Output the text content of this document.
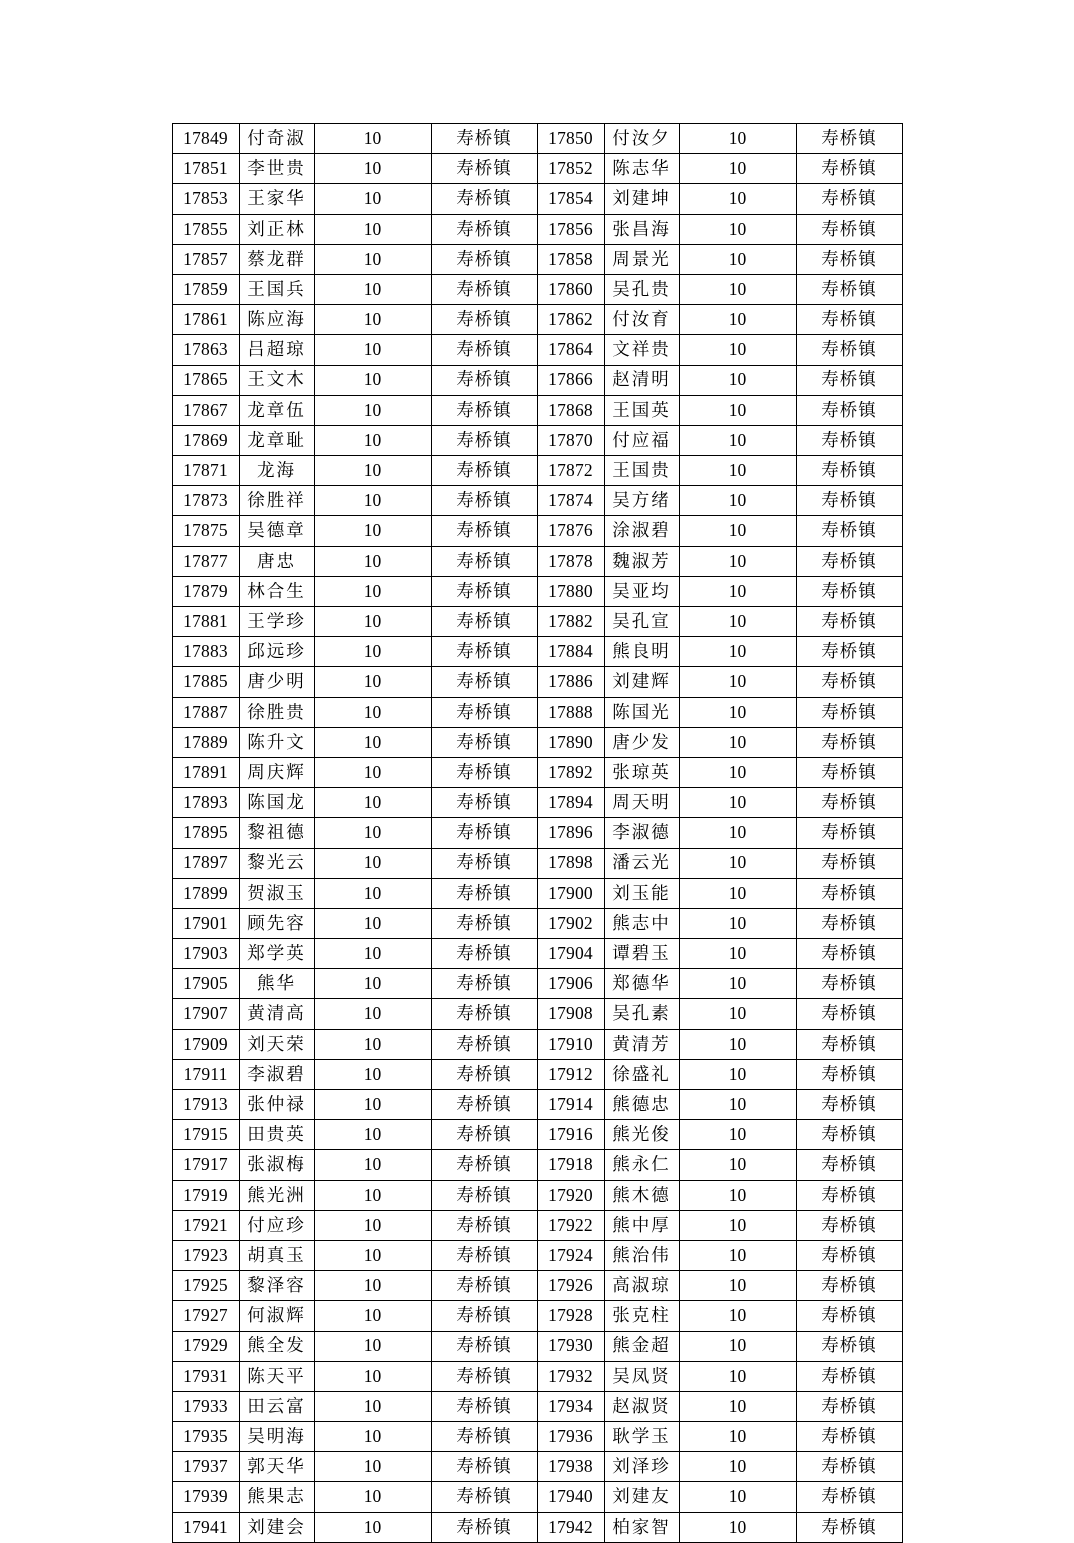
17849	付奇淑	10	寿桥镇	17850	付汝夕	10	寿桥镇
17851	李世贵	10	寿桥镇	17852	陈志华	10	寿桥镇
17853	王家华	10	寿桥镇	17854	刘建坤	10	寿桥镇
17855	刘正林	10	寿桥镇	17856	张昌海	10	寿桥镇
17857	蔡龙群	10	寿桥镇	17858	周景光	10	寿桥镇
17859	王国兵	10	寿桥镇	17860	吴孔贵	10	寿桥镇
17861	陈应海	10	寿桥镇	17862	付汝育	10	寿桥镇
17863	吕超琼	10	寿桥镇	17864	文祥贵	10	寿桥镇
17865	王文木	10	寿桥镇	17866	赵清明	10	寿桥镇
17867	龙章伍	10	寿桥镇	17868	王国英	10	寿桥镇
17869	龙章耻	10	寿桥镇	17870	付应福	10	寿桥镇
17871	龙海	10	寿桥镇	17872	王国贵	10	寿桥镇
17873	徐胜祥	10	寿桥镇	17874	吴方绪	10	寿桥镇
17875	吴德章	10	寿桥镇	17876	涂淑碧	10	寿桥镇
17877	唐忠	10	寿桥镇	17878	魏淑芳	10	寿桥镇
17879	林合生	10	寿桥镇	17880	吴亚均	10	寿桥镇
17881	王学珍	10	寿桥镇	17882	吴孔宣	10	寿桥镇
17883	邱远珍	10	寿桥镇	17884	熊良明	10	寿桥镇
17885	唐少明	10	寿桥镇	17886	刘建辉	10	寿桥镇
17887	徐胜贵	10	寿桥镇	17888	陈国光	10	寿桥镇
17889	陈升文	10	寿桥镇	17890	唐少发	10	寿桥镇
17891	周庆辉	10	寿桥镇	17892	张琼英	10	寿桥镇
17893	陈国龙	10	寿桥镇	17894	周天明	10	寿桥镇
17895	黎祖德	10	寿桥镇	17896	李淑德	10	寿桥镇
17897	黎光云	10	寿桥镇	17898	潘云光	10	寿桥镇
17899	贺淑玉	10	寿桥镇	17900	刘玉能	10	寿桥镇
17901	顾先容	10	寿桥镇	17902	熊志中	10	寿桥镇
17903	郑学英	10	寿桥镇	17904	谭碧玉	10	寿桥镇
17905	熊华	10	寿桥镇	17906	郑德华	10	寿桥镇
17907	黄清高	10	寿桥镇	17908	吴孔素	10	寿桥镇
17909	刘天荣	10	寿桥镇	17910	黄清芳	10	寿桥镇
17911	李淑碧	10	寿桥镇	17912	徐盛礼	10	寿桥镇
17913	张仲禄	10	寿桥镇	17914	熊德忠	10	寿桥镇
17915	田贵英	10	寿桥镇	17916	熊光俊	10	寿桥镇
17917	张淑梅	10	寿桥镇	17918	熊永仁	10	寿桥镇
17919	熊光洲	10	寿桥镇	17920	熊木德	10	寿桥镇
17921	付应珍	10	寿桥镇	17922	熊中厚	10	寿桥镇
17923	胡真玉	10	寿桥镇	17924	熊治伟	10	寿桥镇
17925	黎泽容	10	寿桥镇	17926	高淑琼	10	寿桥镇
17927	何淑辉	10	寿桥镇	17928	张克柱	10	寿桥镇
17929	熊全发	10	寿桥镇	17930	熊金超	10	寿桥镇
17931	陈天平	10	寿桥镇	17932	吴凤贤	10	寿桥镇
17933	田云富	10	寿桥镇	17934	赵淑贤	10	寿桥镇
17935	吴明海	10	寿桥镇	17936	耿学玉	10	寿桥镇
17937	郭天华	10	寿桥镇	17938	刘泽珍	10	寿桥镇
17939	熊果志	10	寿桥镇	17940	刘建友	10	寿桥镇
17941	刘建会	10	寿桥镇	17942	柏家智	10	寿桥镇
